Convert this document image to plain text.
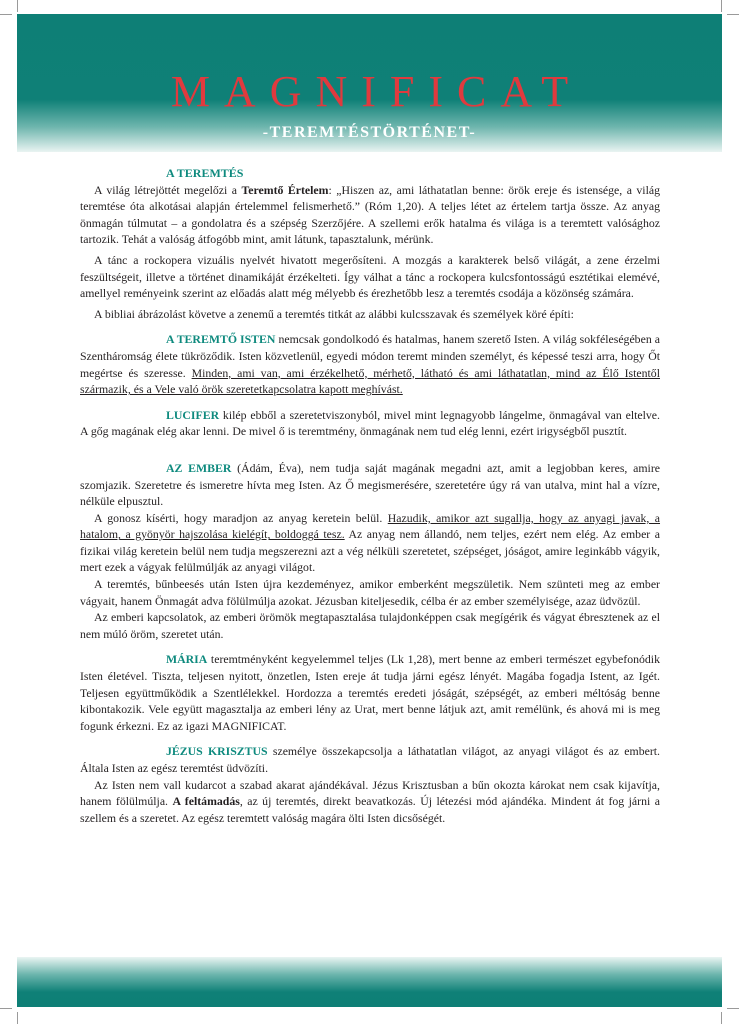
MAGNIFICAT
-TEREMTÉSTÖRTÉNET-
A TEREMTÉS

A világ létrejöttét megelőzi a Teremtő Értelem: „Hiszen az, ami láthatatlan benne: örök ereje és istensége, a világ teremtése óta alkotásai alapján értelemmel felismerhető.” (Róm 1,20). A teljes létet az értelem tartja össze. Az anyag önmagán túlmutat – a gondolatra és a szépség Szerzőjére. A szellemi erők hatalma és világa is a teremtett valósághoz tartozik. Tehát a valóság átfogóbb mint, amit látunk, tapasztalunk, mérünk.

A tánc a rockopera vizuális nyelvét hivatott megerősíteni. A mozgás a karakterek belső világát, a zene érzelmi feszültségeit, illetve a történet dinamikáját érzékelteti. Így válhat a tánc a rockopera kulcsfontosságú esztétikai elemévé, amellyel reményeink szerint az előadás alatt még mélyebb és érezhetőbb lesz a teremtés csodája a közönség számára.

A bibliai ábrázolást követve a zenemű a teremtés titkát az alábbi kulcsszavak és személyek köré építi:

A TEREMTŐ ISTEN nemcsak gondolkodó és hatalmas, hanem szerető Isten. A világ sokféleségében a Szentháromság élete tükröződik. Isten közvetlenül, egyedi módon teremt minden személyt, és képessé teszi arra, hogy Őt megértse és szeresse. Minden, ami van, ami érzékelhető, mérhető, látható és ami láthatatlan, mind az Élő Istentől származik, és a Vele való örök szeretetkapcsolatra kapott meghívást.

LUCIFER kilép ebből a szeretetviszonyból, mivel mint legnagyobb lángelme, önmagával van eltelve. A gőg magának elég akar lenni. De mivel ő is teremtmény, önmagának nem tud elég lenni, ezért irigységből pusztít.

AZ EMBER (Ádám, Éva), nem tudja saját magának megadni azt, amit a legjobban keres, amire szomjazik. Szeretetre és ismeretre hívta meg Isten. Az Ő megismerésére, szeretetére úgy rá van utalva, mint hal a vízre, nélküle elpusztul.

A gonosz kísérti, hogy maradjon az anyag keretein belül. Hazudik, amikor azt sugallja, hogy az anyagi javak, a hatalom, a gyönyör hajszolása kielégít, boldoggá tesz. Az anyag nem állandó, nem teljes, ezért nem elég. Az ember a fizikai világ keretein belül nem tudja megszerezni azt a vég nélküli szeretetet, szépséget, jóságot, amire leginkább vágyik, mert ezek a vágyak felülmúlják az anyagi világot.

A teremtés, bűnbeesés után Isten újra kezdeményez, amikor emberként megszületik. Nem szünteti meg az ember vágyait, hanem Önmagát adva fölülmúlja azokat. Jézusban kiteljesedik, célba ér az ember személyisége, azaz üdvözül.

Az emberi kapcsolatok, az emberi örömök megtapasztalása tulajdonképpen csak megígérik és vágyat ébresztenek az el nem múló öröm, szeretet után.

MÁRIA teremtményként kegyelemmel teljes (Lk 1,28), mert benne az emberi természet egybefonódik Isten életével. Tiszta, teljesen nyitott, önzetlen, Isten ereje át tudja járni egész lényét. Magába fogadja Istent, az Igét. Teljesen együttműködik a Szentlélekkel. Hordozza a teremtés eredeti jóságát, szépségét, az emberi méltóság benne kibontakozik. Vele együtt magasztalja az emberi lény az Urat, mert benne látjuk azt, amit remélünk, és ahová mi is meg fogunk érkezni. Ez az igazi MAGNIFICAT.

JÉZUS KRISZTUS személye összekapcsolja a láthatatlan világot, az anyagi világot és az embert. Általa Isten az egész teremtést üdvözíti.

Az Isten nem vall kudarcot a szabad akarat ajándékával. Jézus Krisztusban a bűn okozta károkat nem csak kijavítja, hanem fölülmúlja. A feltámadás, az új teremtés, direkt beavatkozás. Új létezési mód ajándéka. Mindent át fog járni a szellem és a szeretet. Az egész teremtett valóság magára ölti Isten dicsőségét.
